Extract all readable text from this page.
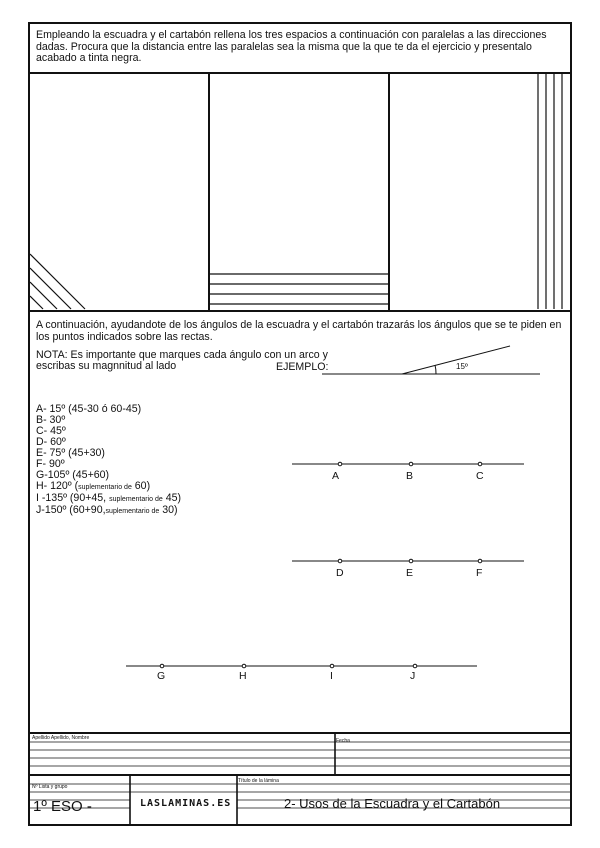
Empleando la escuadra y el cartabón rellena los tres espacios a continuación con paralelas a las direcciones dadas. Procura que la distancia entre las paralelas sea la misma que la que te da el ejercicio y presentalo acabado a tinta negra.
A continuación, ayudandote de los ángulos de la escuadra y el cartabón trazarás los ángulos que se te piden en los puntos indicados sobre las rectas.
NOTA: Es importante que marques cada ángulo con un arco y escribas su magnnitud al lado	EJEMPLO:
A- 15º (45-30 ó 60-45)
B- 30º
C- 45º
D- 60º
E- 75º (45+30)
F- 90º
G-105º (45+60)
H- 120º (suplementario de 60)
I -135º (90+45, suplementario de 45)
J-150º (60+90,suplementario de 30)
A	B	C
D	E	F
G	H	I	J
Apellido Apellido, Nombre	Fecha
Nº Lista y grupo
Título de la lámina
1º ESO -	LASLAMINAS.ES	2- Usos de la Escuadra y el Cartabón
15º
